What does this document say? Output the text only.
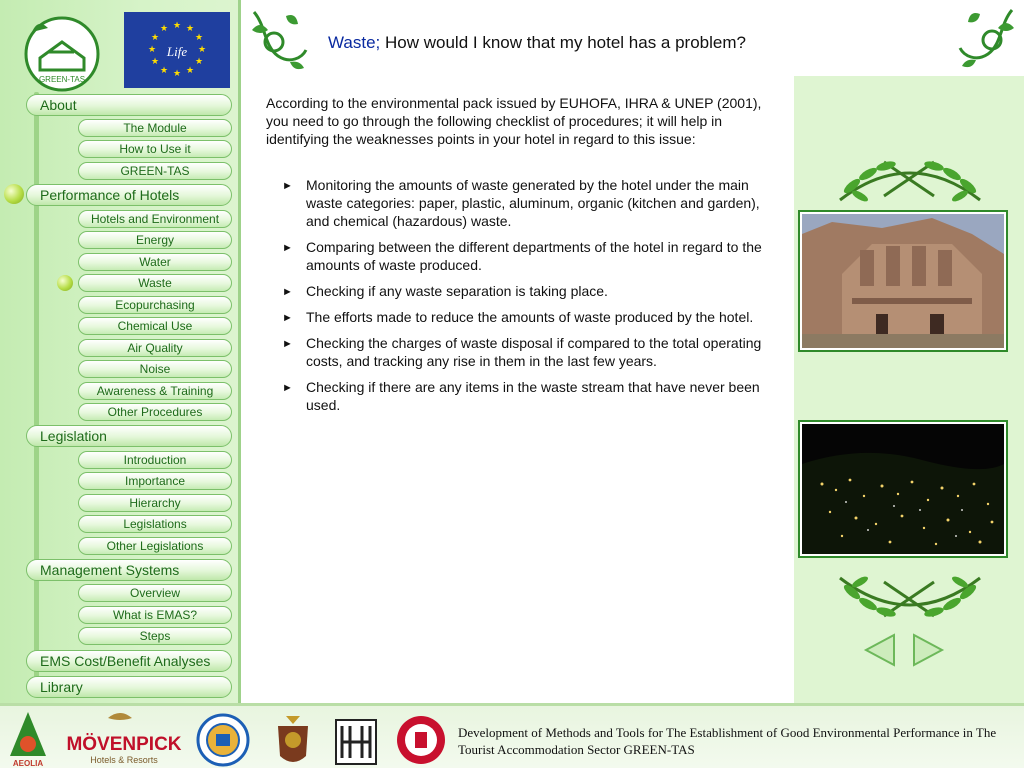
GREEN-TAS
★ ★
★
★
★
★
★
★
★
★
★
★
Life
About
The Module
How to Use it
GREEN-TAS
Performance of Hotels
Hotels and Environment
Energy
Water
Waste
Ecopurchasing
Chemical Use
Air Quality
Noise
Awareness & Training
Other Procedures
Legislation
Introduction
Importance
Hierarchy
Legislations
Other Legislations
Management Systems
Overview
What is EMAS?
Steps
EMS Cost/Benefit Analyses
Library
Waste; How would I know that my hotel has a problem?

According to the environmental pack issued by EUHOFA, IHRA & UNEP (2001), you need to go through the following checklist of procedures; it will help in identifying the weaknesses points in your hotel in regard to this issue:

► Monitoring the amounts of waste generated by the hotel under the main waste categories: paper, plastic, aluminum, organic (kitchen and garden), and chemical (hazardous) waste.
► Comparing between the different departments of the hotel in regard to the amounts of waste produced.
► Checking if any waste separation is taking place.
► The efforts made to reduce the amounts of waste produced by the hotel.
► Checking the charges of waste disposal if compared to the total operating costs, and tracking any rise in them in the last few years.
► Checking if there are any items in the waste stream that have never been used.
AEOLIA
MÖVENPICK
Hotels & Resorts
Development of Methods and Tools for The Establishment of Good Environmental Performance in The Tourist Accommodation Sector GREEN-TAS
